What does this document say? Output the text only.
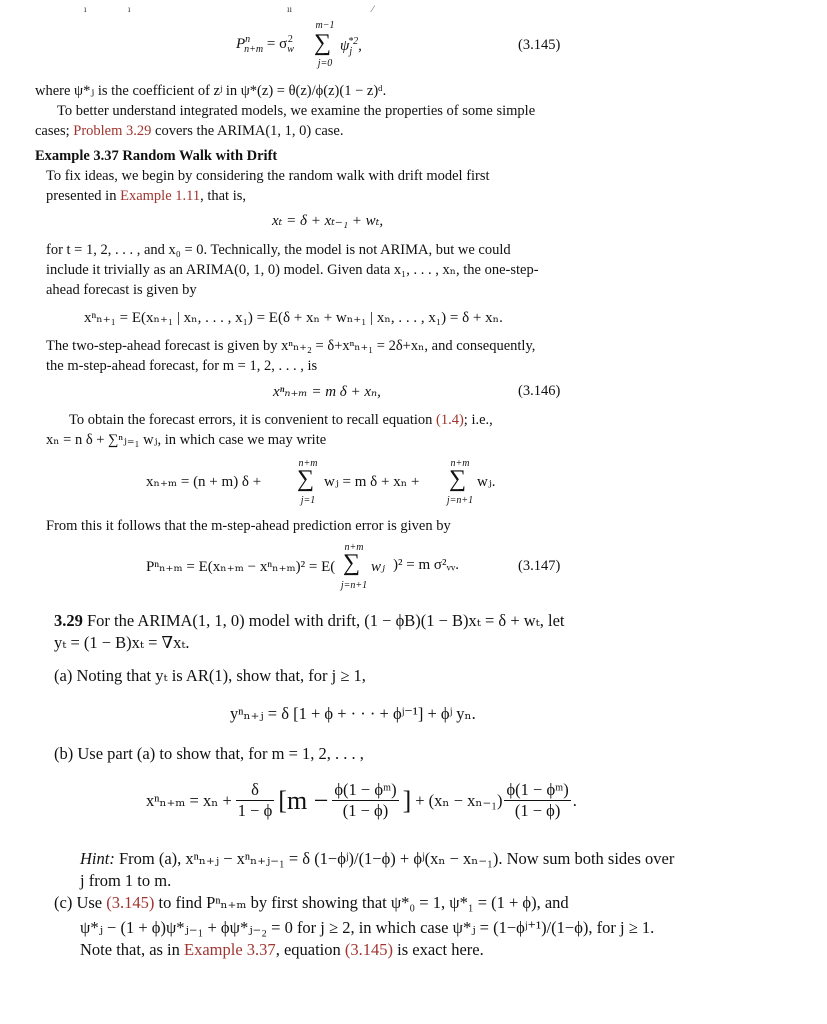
ı	ı	ıı	⁄
$P^n_{n+m} = \sigma_w^2$
m−1
∑
j=0
$\psi_j^{*2}$,	(3.145)
where ψ*ⱼ is the coefficient of zʲ in ψ*(z) = θ(z)/ϕ(z)(1 − z)ᵈ.
To better understand integrated models, we examine the properties of some simple
cases; Problem 3.29 covers the ARIMA(1, 1, 0) case.
Example 3.37 Random Walk with Drift
To fix ideas, we begin by considering the random walk with drift model first
presented in Example 1.11, that is,
xₜ = δ + xₜ₋₁ + wₜ,
for t = 1, 2, . . . , and x₀ = 0. Technically, the model is not ARIMA, but we could
include it trivially as an ARIMA(0, 1, 0) model. Given data x₁, . . . , xₙ, the one-step-
ahead forecast is given by
xⁿₙ₊₁ = E(xₙ₊₁ | xₙ, . . . , x₁) = E(δ + xₙ + wₙ₊₁ | xₙ, . . . , x₁) = δ + xₙ.
The two-step-ahead forecast is given by xⁿₙ₊₂ = δ+xⁿₙ₊₁ = 2δ+xₙ, and consequently,
the m-step-ahead forecast, for m = 1, 2, . . . , is
xⁿₙ₊ₘ = m δ + xₙ,	(3.146)
To obtain the forecast errors, it is convenient to recall equation (1.4); i.e.,
xₙ = n δ + ∑ⁿⱼ₌₁ wⱼ, in which case we may write
xₙ₊ₘ = (n + m) δ +
n+m
∑
j=1
wⱼ = m δ + xₙ +
n+m
∑
j=n+1
wⱼ.
From this it follows that the m-step-ahead prediction error is given by
Pⁿₙ₊ₘ = E(xₙ₊ₘ − xⁿₙ₊ₘ)² = E(
n+m
∑
j=n+1
wⱼ )² = m σ²ᵥᵥ.	(3.147)
3.29 For the ARIMA(1, 1, 0) model with drift, (1 − ϕB)(1 − B)xₜ = δ + wₜ, let
yₜ = (1 − B)xₜ = ∇xₜ.
(a) Noting that yₜ is AR(1), show that, for j ≥ 1,
yⁿₙ₊ⱼ = δ [1 + ϕ + · · · + ϕʲ⁻¹] + ϕʲ yₙ.
(b) Use part (a) to show that, for m = 1, 2, . . . ,
$x^n_{n+m} = x_n + \frac{\delta}{1 - \phi} [m - \frac{\text{ϕ(1 − ϕᵐ)}}{(1 - \phi)}$ ] + $(x_n - x_{n-1}) \frac{\text{ϕ(1 − ϕᵐ)}}{(1 - \phi)}$ .
Hint: From (a), xⁿₙ₊ⱼ − xⁿₙ₊ⱼ₋₁ = δ (1−ϕʲ)/(1−ϕ) + ϕʲ(xₙ − xₙ₋₁). Now sum both sides over
j from 1 to m.
(c) Use (3.145) to find Pⁿₙ₊ₘ by first showing that ψ*₀ = 1, ψ*₁ = (1 + ϕ), and
ψ*ⱼ − (1 + ϕ)ψ*ⱼ₋₁ + ϕψ*ⱼ₋₂ = 0 for j ≥ 2, in which case ψ*ⱼ = (1−ϕʲ⁺¹)/(1−ϕ), for j ≥ 1.
Note that, as in Example 3.37, equation (3.145) is exact here.
